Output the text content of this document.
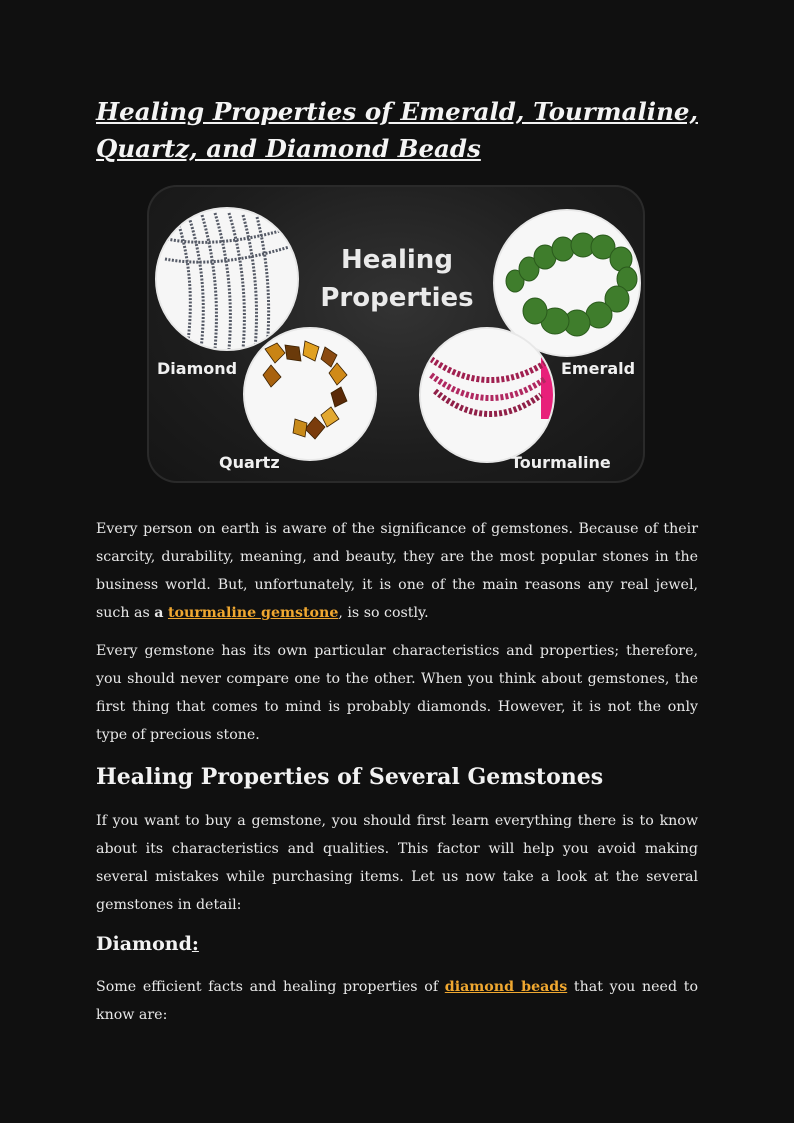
Healing Properties of Emerald, Tourmaline, Quartz, and Diamond Beads
Healing
Properties
Diamond	Emerald
Quartz	Tourmaline

Every person on earth is aware of the significance of gemstones. Because of their scarcity, durability, meaning, and beauty, they are the most popular stones in the business world. But, unfortunately, it is one of the main reasons any real jewel, such as a tourmaline gemstone, is so costly.

Every gemstone has its own particular characteristics and properties; therefore, you should never compare one to the other. When you think about gemstones, the first thing that comes to mind is probably diamonds. However, it is not the only type of precious stone.

Healing Properties of Several Gemstones

If you want to buy a gemstone, you should first learn everything there is to know about its characteristics and qualities. This factor will help you avoid making several mistakes while purchasing items. Let us now take a look at the several gemstones in detail:

Diamond:

Some efficient facts and healing properties of diamond beads that you need to know are:
